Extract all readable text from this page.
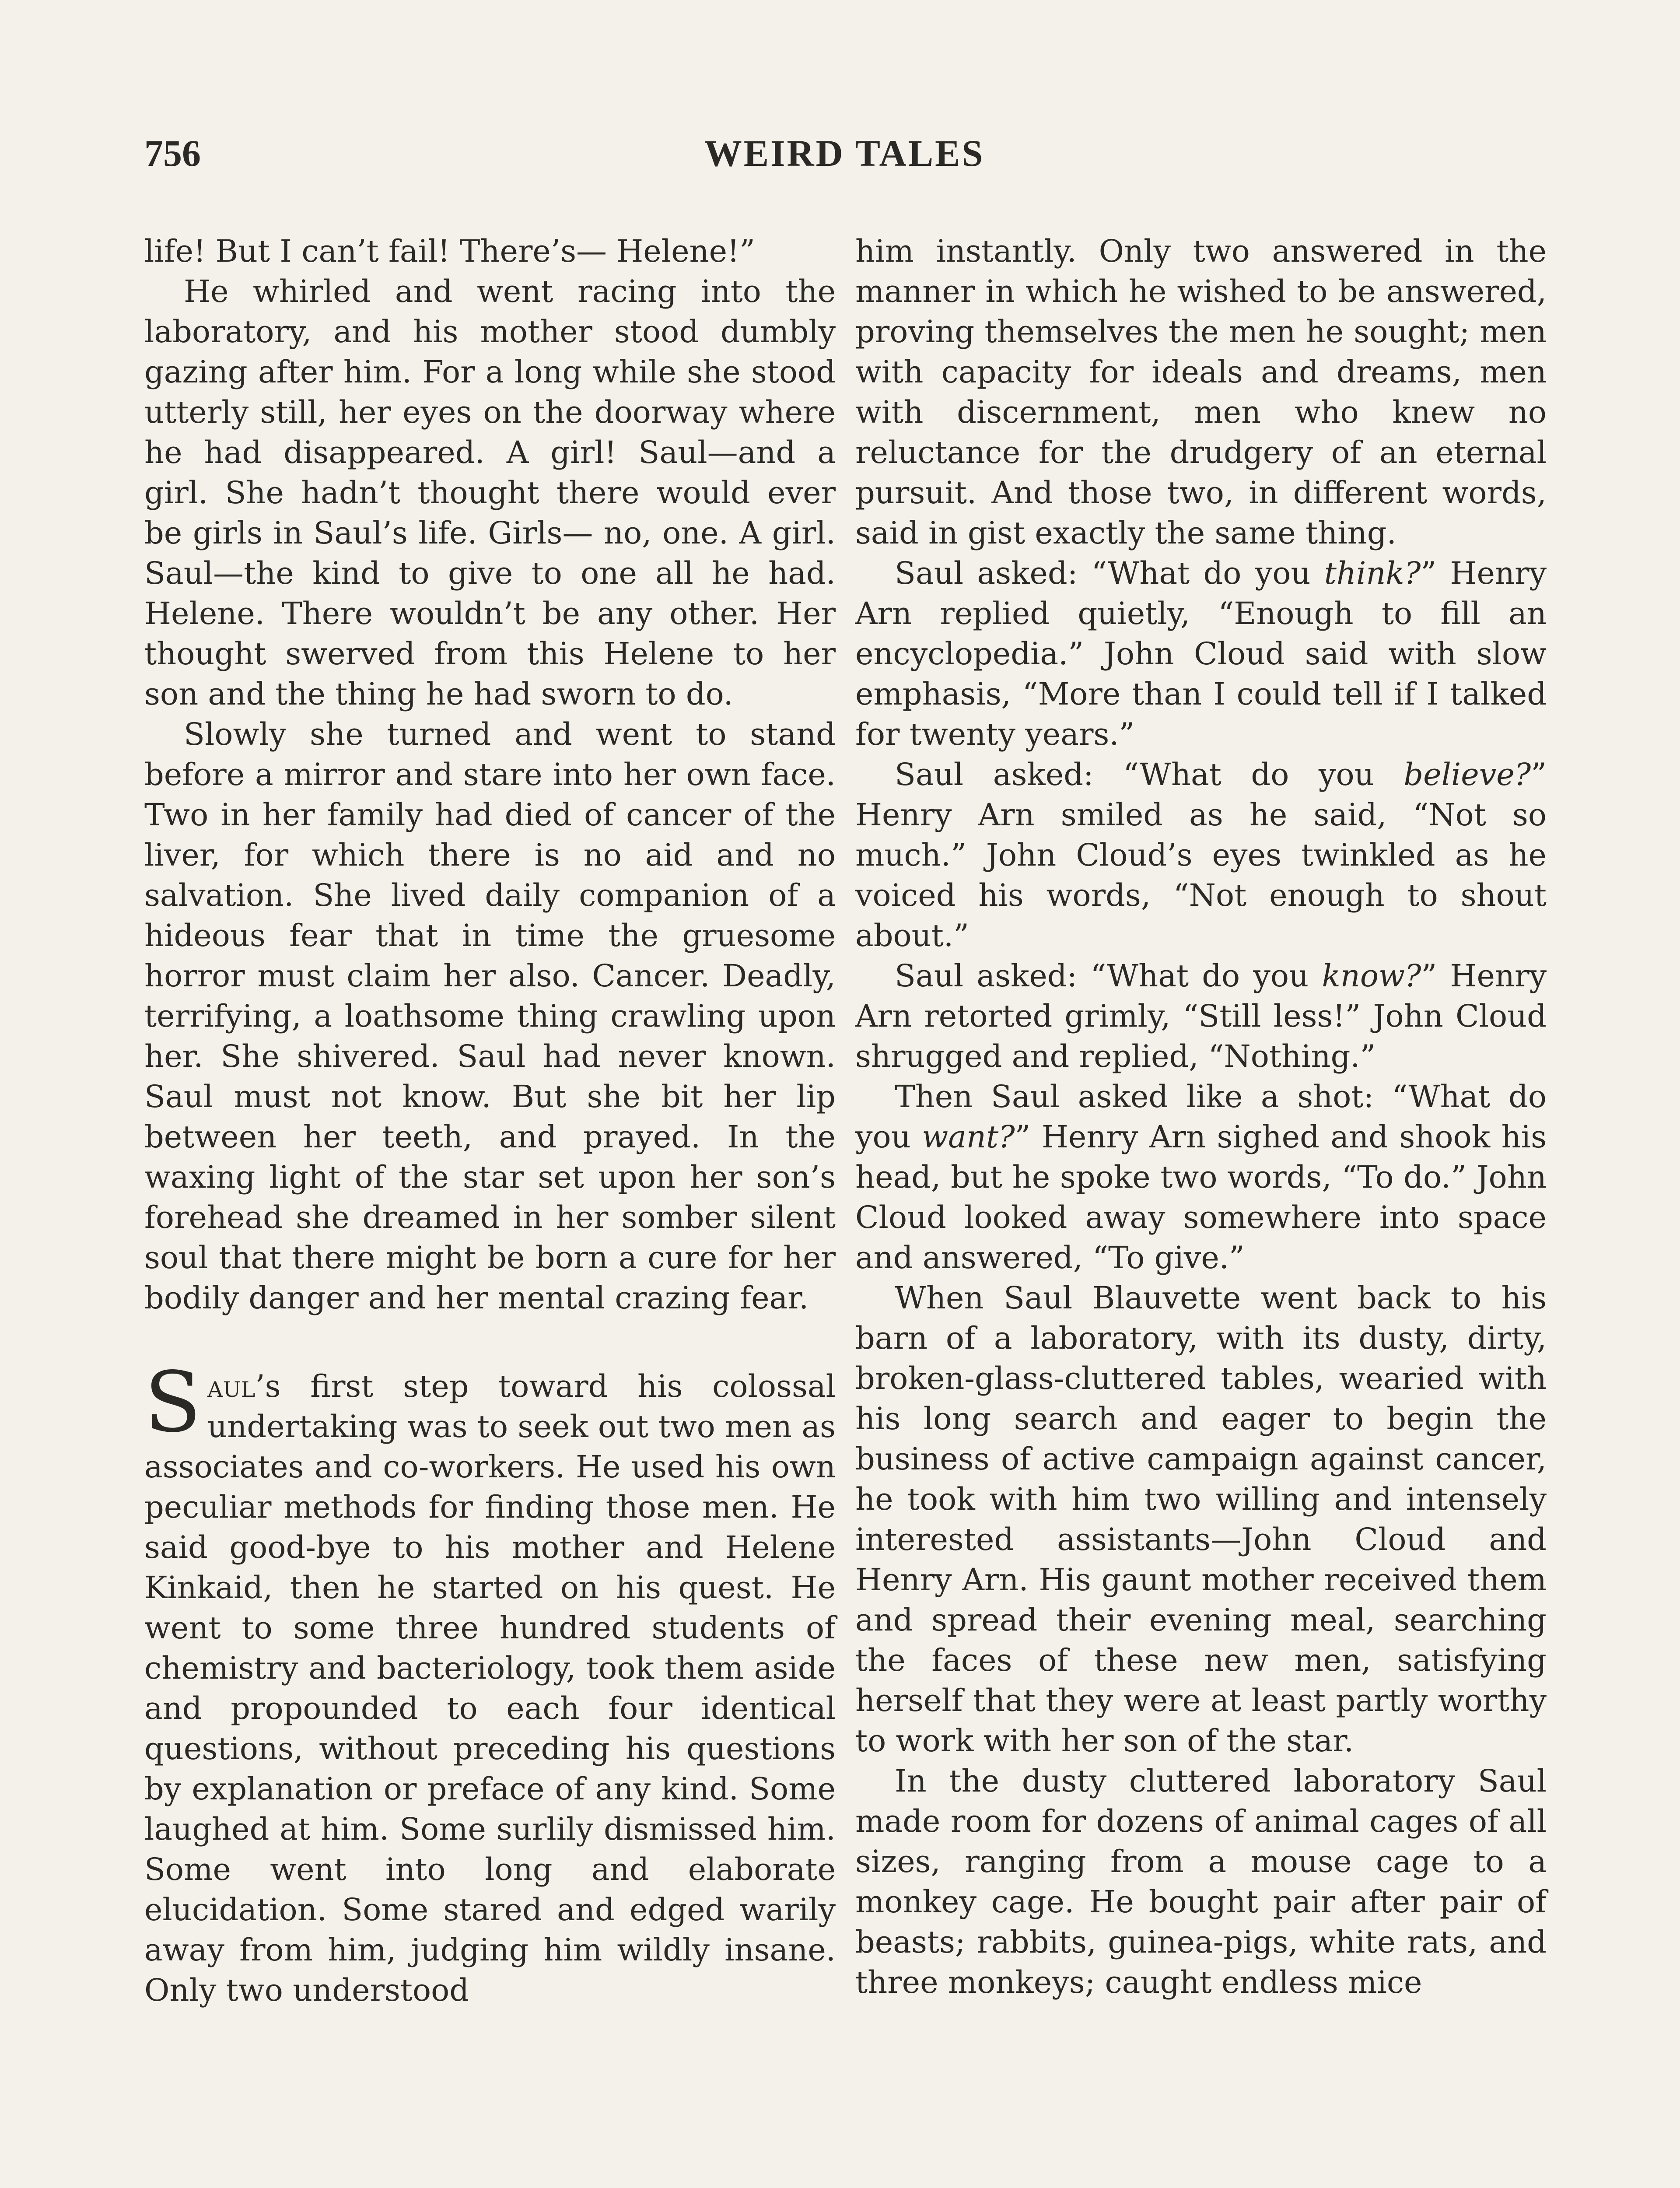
756	WEIRD TALES

life! But I can’t fail! There’s— Helene!”

He whirled and went racing into the laboratory, and his mother stood dumbly gazing after him. For a long while she stood utterly still, her eyes on the doorway where he had disappeared. A girl! Saul—and a girl. She hadn’t thought there would ever be girls in Saul’s life. Girls— no, one. A girl. Saul—the kind to give to one all he had. Helene. There wouldn’t be any other. Her thought swerved from this Helene to her son and the thing he had sworn to do.

Slowly she turned and went to stand before a mirror and stare into her own face. Two in her family had died of cancer of the liver, for which there is no aid and no salvation. She lived daily companion of a hideous fear that in time the gruesome horror must claim her also. Cancer. Deadly, terrifying, a loathsome thing crawling upon her. She shivered. Saul had never known. Saul must not know. But she bit her lip between her teeth, and prayed. In the waxing light of the star set upon her son’s forehead she dreamed in her somber silent soul that there might be born a cure for her bodily danger and her mental crazing fear.

Saul’s first step toward his colossal undertaking was to seek out two men as associates and co-workers. He used his own peculiar methods for finding those men. He said good-bye to his mother and Helene Kinkaid, then he started on his quest. He went to some three hundred students of chemistry and bacteriology, took them aside and propounded to each four identical questions, without preceding his questions by explanation or preface of any kind. Some laughed at him. Some surlily dismissed him. Some went into long and elaborate elucidation. Some stared and edged warily away from him, judging him wildly insane. Only two understood

him instantly. Only two answered in the manner in which he wished to be answered, proving themselves the men he sought; men with capacity for ideals and dreams, men with discernment, men who knew no reluctance for the drudgery of an eternal pursuit. And those two, in different words, said in gist exactly the same thing.

Saul asked: “What do you think?” Henry Arn replied quietly, “Enough to fill an encyclopedia.” John Cloud said with slow emphasis, “More than I could tell if I talked for twenty years.”

Saul asked: “What do you believe?” Henry Arn smiled as he said, “Not so much.” John Cloud’s eyes twinkled as he voiced his words, “Not enough to shout about.”

Saul asked: “What do you know?” Henry Arn retorted grimly, “Still less!” John Cloud shrugged and replied, “Nothing.”

Then Saul asked like a shot: “What do you want?” Henry Arn sighed and shook his head, but he spoke two words, “To do.” John Cloud looked away somewhere into space and answered, “To give.”

When Saul Blauvette went back to his barn of a laboratory, with its dusty, dirty, broken-glass-cluttered tables, wearied with his long search and eager to begin the business of active campaign against cancer, he took with him two willing and intensely interested assistants—John Cloud and Henry Arn. His gaunt mother received them and spread their evening meal, searching the faces of these new men, satisfying herself that they were at least partly worthy to work with her son of the star.

In the dusty cluttered laboratory Saul made room for dozens of animal cages of all sizes, ranging from a mouse cage to a monkey cage. He bought pair after pair of beasts; rabbits, guinea-pigs, white rats, and three monkeys; caught endless mice
